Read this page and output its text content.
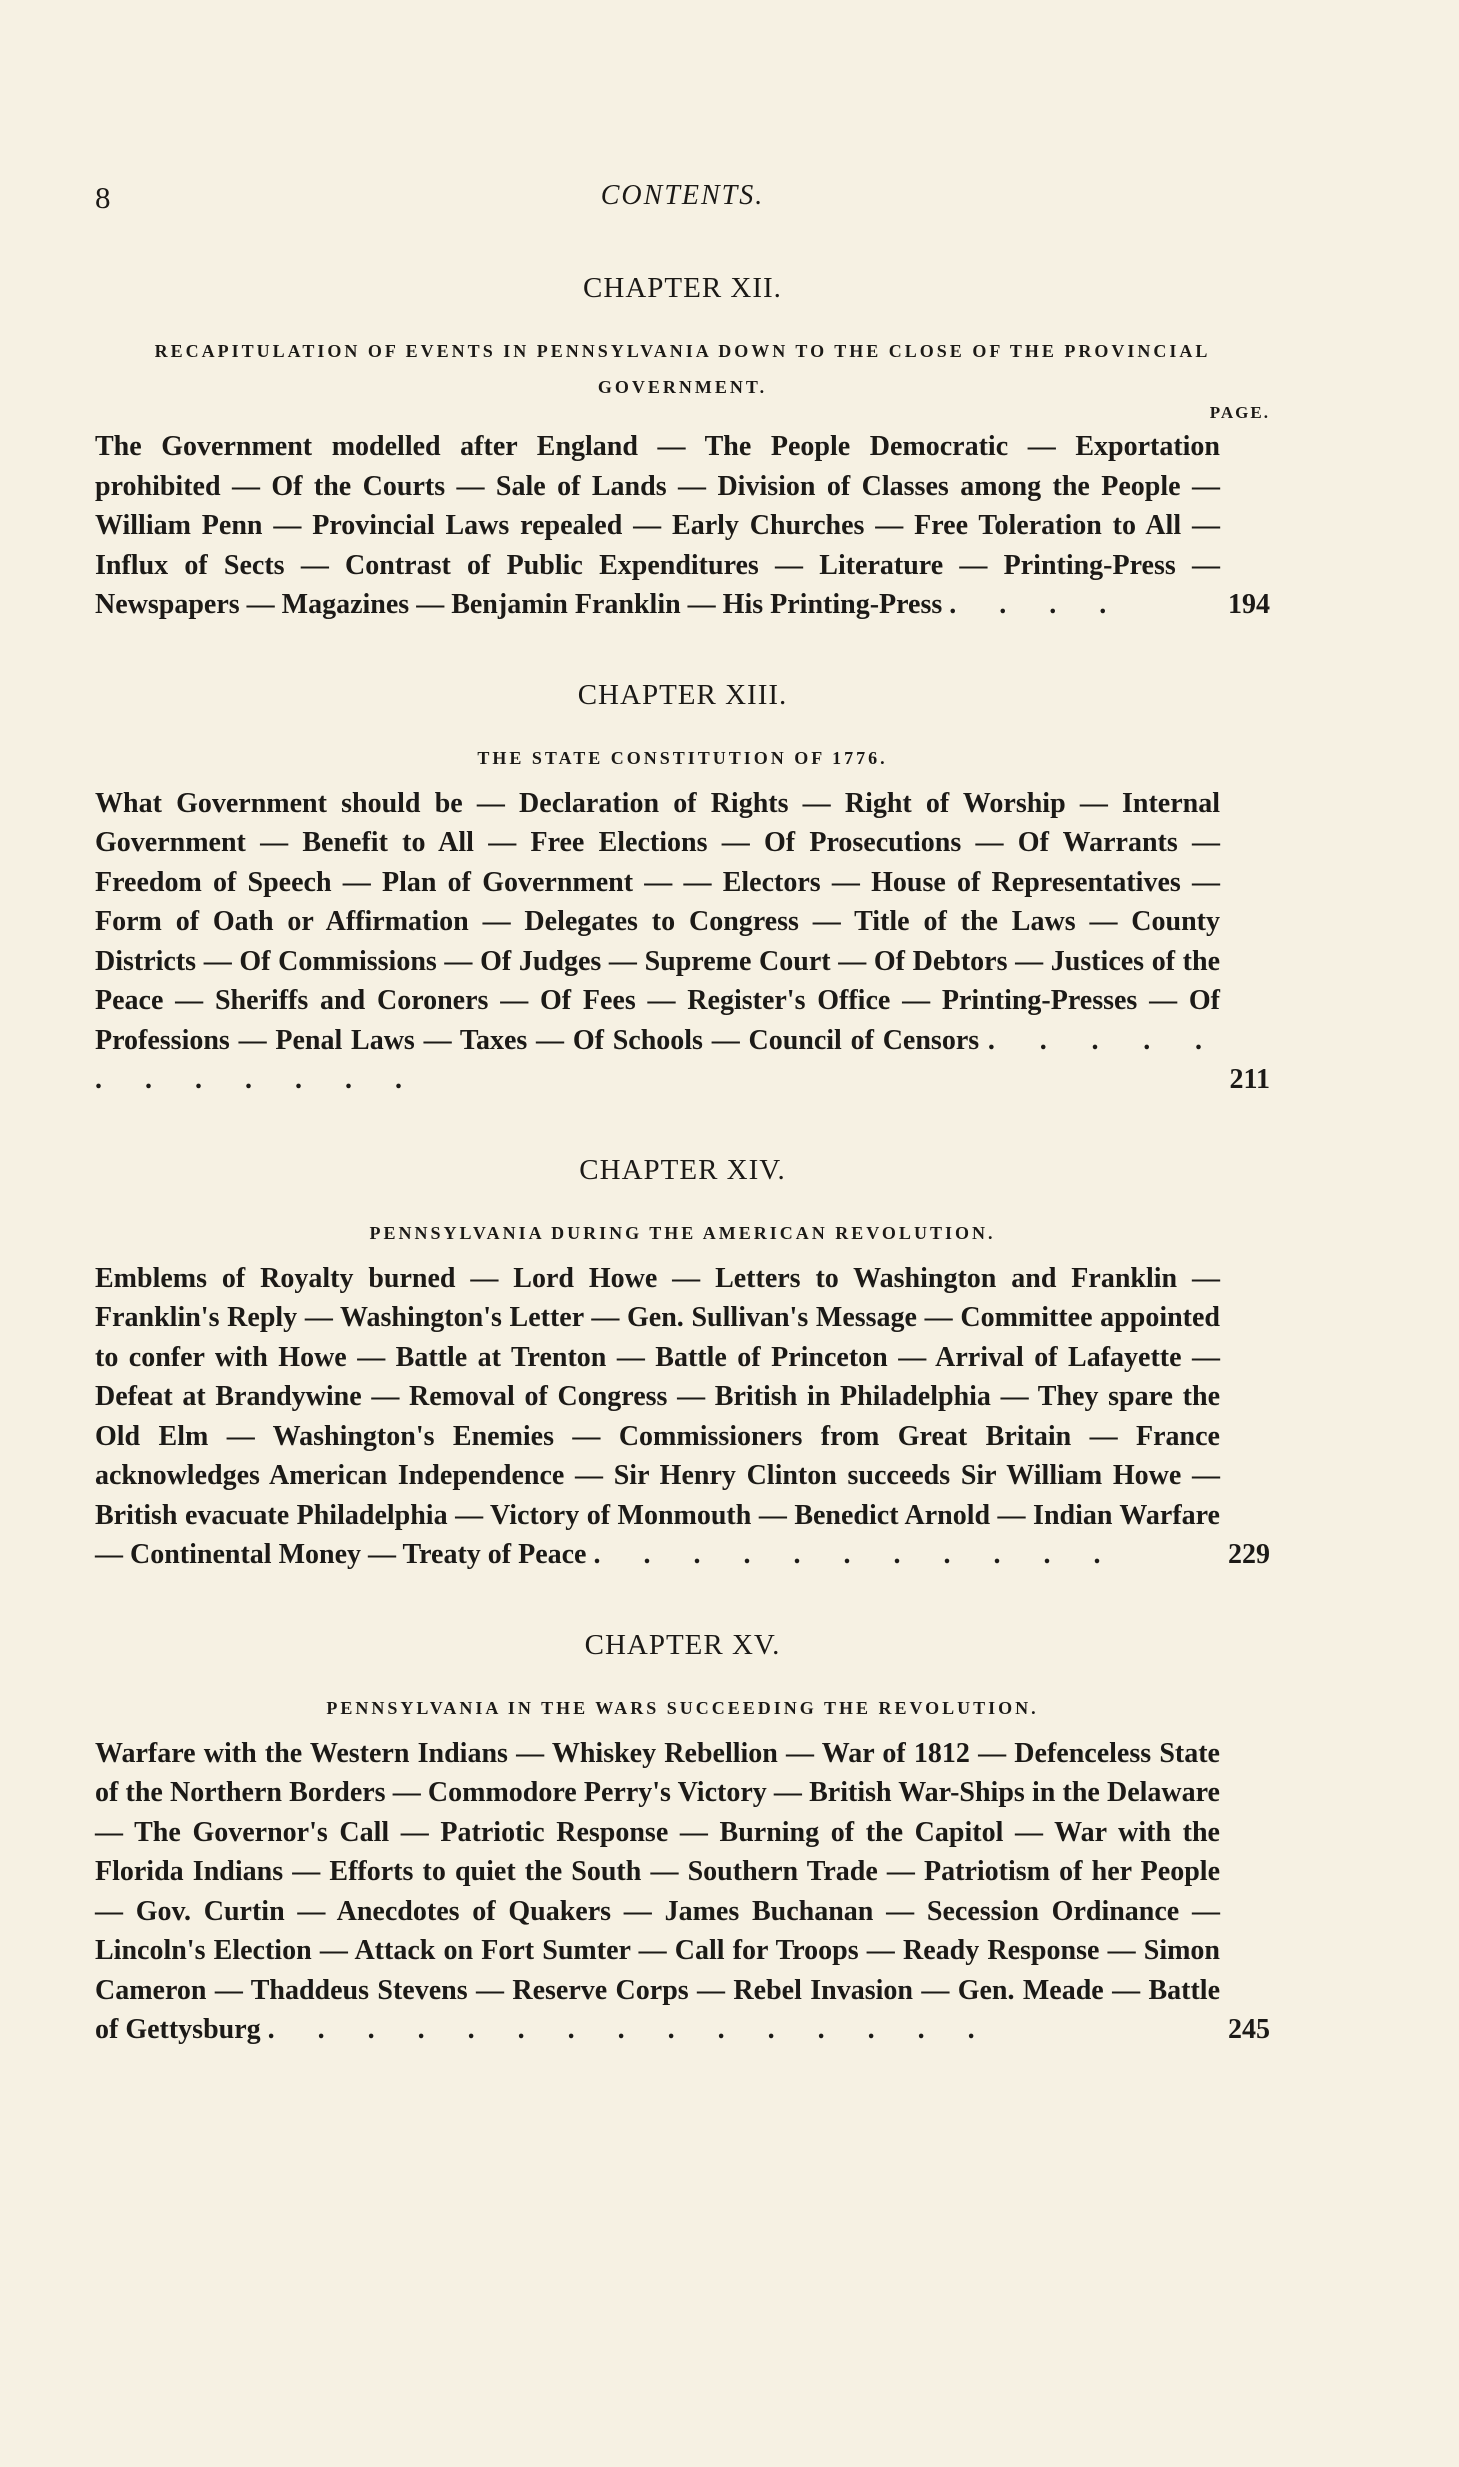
8	CONTENTS.
CHAPTER XII.
RECAPITULATION OF EVENTS IN PENNSYLVANIA DOWN TO THE CLOSE OF THE PROVINCIAL GOVERNMENT.
PAGE.

The Government modelled after England — The People Democratic — Exportation prohibited — Of the Courts — Sale of Lands — Division of Classes among the People — William Penn — Provincial Laws repealed — Early Churches — Free Toleration to All — Influx of Sects — Contrast of Public Expenditures — Literature — Printing-Press — Newspapers — Magazines — Benjamin Franklin — His Printing-Press . . . .	194

CHAPTER XIII.
THE STATE CONSTITUTION OF 1776.

What Government should be — Declaration of Rights — Right of Worship — Internal Government — Benefit to All — Free Elections — Of Prosecutions — Of Warrants — Freedom of Speech — Plan of Government — — Electors — House of Representatives — Form of Oath or Affirmation — Delegates to Congress — Title of the Laws — County Districts — Of Commissions — Of Judges — Supreme Court — Of Debtors — Justices of the Peace — Sheriffs and Coroners — Of Fees — Register's Office — Printing-Presses — Of Professions — Penal Laws — Taxes — Of Schools — Council of Censors . . . . . . . . . . . .	211

CHAPTER XIV.
PENNSYLVANIA DURING THE AMERICAN REVOLUTION.

Emblems of Royalty burned — Lord Howe — Letters to Washington and Franklin — Franklin's Reply — Washington's Letter — Gen. Sullivan's Message — Committee appointed to confer with Howe — Battle at Trenton — Battle of Princeton — Arrival of Lafayette — Defeat at Brandywine — Removal of Congress — British in Philadelphia — They spare the Old Elm — Washington's Enemies — Commissioners from Great Britain — France acknowledges American Independence — Sir Henry Clinton succeeds Sir William Howe — British evacuate Philadelphia — Victory of Monmouth — Benedict Arnold — Indian Warfare — Continental Money — Treaty of Peace . . . . . . . . . . .	229

CHAPTER XV.
PENNSYLVANIA IN THE WARS SUCCEEDING THE REVOLUTION.

Warfare with the Western Indians — Whiskey Rebellion — War of 1812 — Defenceless State of the Northern Borders — Commodore Perry's Victory — British War-Ships in the Delaware — The Governor's Call — Patriotic Response — Burning of the Capitol — War with the Florida Indians — Efforts to quiet the South — Southern Trade — Patriotism of her People — Gov. Curtin — Anecdotes of Quakers — James Buchanan — Secession Ordinance — Lincoln's Election — Attack on Fort Sumter — Call for Troops — Ready Response — Simon Cameron — Thaddeus Stevens — Reserve Corps — Rebel Invasion — Gen. Meade — Battle of Gettysburg . . . . . . . . . . . . . . .	245
